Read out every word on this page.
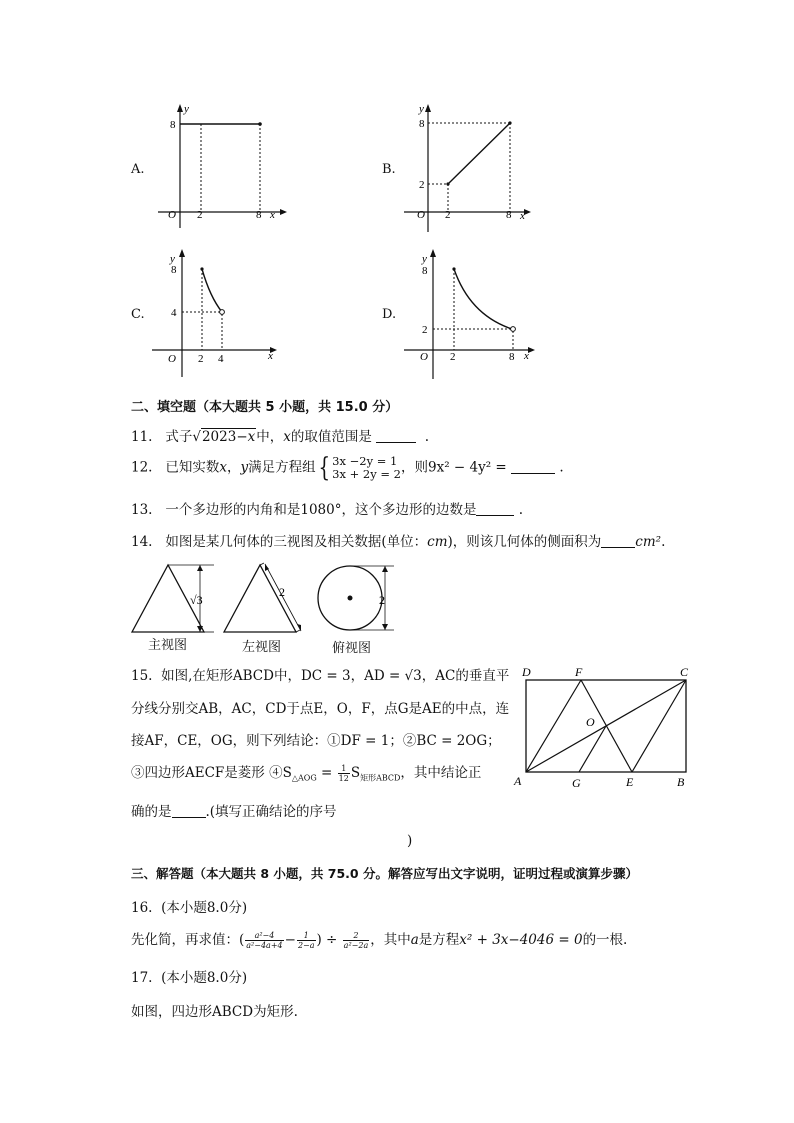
A.
y
x
O
8
2	8
B.
y
x
O
8
2
2	8
C.
y
x
O
8
4
2 4
D.
y
x
O
8
2
2	8
二、填空题（本大题共 5 小题，共 15.0 分）
11. 式子√2023−x中，x的取值范围是	.
12. 已知实数x，y满足方程组{ 3x −2y = 1
3x + 2y = 2 ，则9x² − 4y² =	.
13. 一个多边形的内角和是1080°，这个多边形的边数是	.
14. 如图是某几何体的三视图及相关数据(单位：cm)，则该几何体的侧面积为	cm².
√3
2
2
主视图	左视图	俯视图
15. 如图,在矩形ABCD中，DC = 3，AD = √3，AC的垂直平
分线分别交AB，AC，CD于点E，O，F，点G是AE的中点，连
接AF，CE，OG，则下列结论：①DF = 1；②BC = 2OG；
③四边形AECF是菱形 $④S_{\triangle AOG} = \frac{1}{12} S_{矩形ABCD}$，其中结论正
确的是	.(填写正确结论的序号
)
D	F	C
O
A	G	E	B
三、解答题（本大题共 8 小题，共 75.0 分。解答应写出文字说明，证明过程或演算步骤）
16. (本小题8.0分)
先化简，再求值：( $\frac{\text{a²−4}}{\text{a²−4a+4}} - \frac{1}{2-a}$ ) ÷ $\frac{2}{\text{a²−2a}}$ ，其中a是方程x² + 3x−4046 = 0的一根.
17. (本小题8.0分)
如图，四边形ABCD为矩形.
